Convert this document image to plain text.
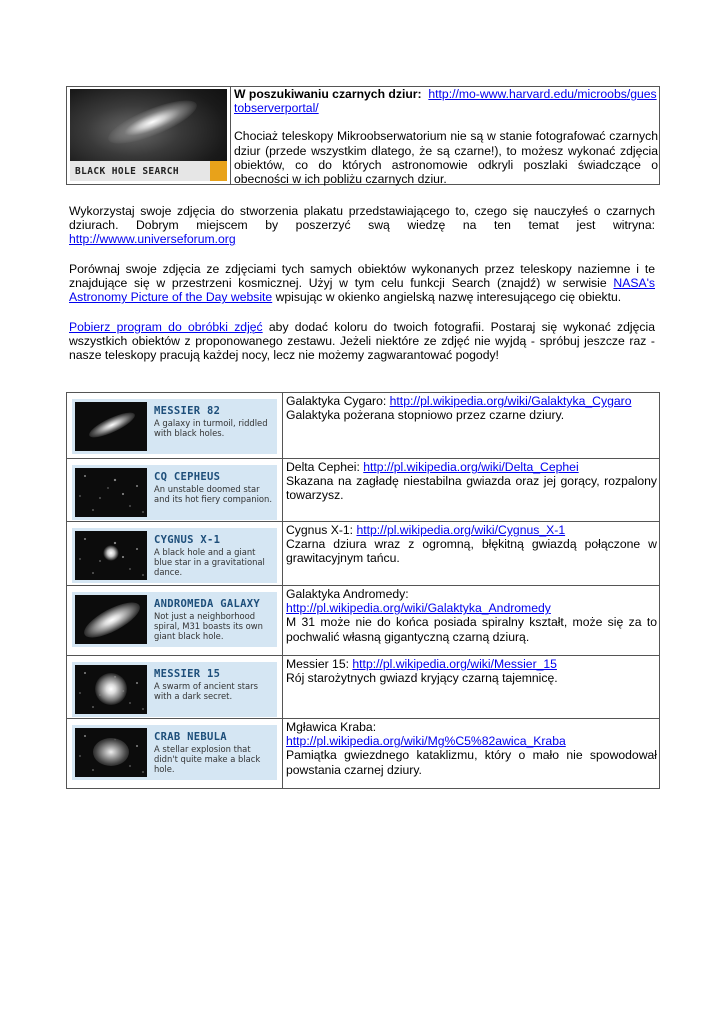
BLACK HOLE SEARCH
W poszukiwaniu czarnych dziur: http://mo-www.harvard.edu/microobs/guestobserverportal/
Chociaż teleskopy Mikroobserwatorium nie są w stanie fotografować czarnych dziur (przede wszystkim dlatego, że są czarne!), to możesz wykonać zdjęcia obiektów, co do których astronomowie odkryli poszlaki świadczące o obecności w ich pobliżu czarnych dziur.
Wykorzystaj swoje zdjęcia do stworzenia plakatu przedstawiającego to, czego się nauczyłeś o czarnych dziurach. Dobrym miejscem by poszerzyć swą wiedzę na ten temat jest witryna: http://wwww.universeforum.org
Porównaj swoje zdjęcia ze zdjęciami tych samych obiektów wykonanych przez teleskopy naziemne i te znajdujące się w przestrzeni kosmicznej. Użyj w tym celu funkcji Search (znajdź) w serwisie NASA's Astronomy Picture of the Day website wpisując w okienko angielską nazwę interesującego cię obiektu.
Pobierz program do obróbki zdjęć aby dodać koloru do twoich fotografii. Postaraj się wykonać zdjęcia wszystkich obiektów z proponowanego zestawu. Jeżeli niektóre ze zdjęć nie wyjdą - spróbuj jeszcze raz - nasze teleskopy pracują każdej nocy, lecz nie możemy zagwarantować pogody!
MESSIER 82
A galaxy in turmoil, riddled with black holes.
Galaktyka Cygaro: http://pl.wikipedia.org/wiki/Galaktyka_Cygaro

Galaktyka pożerana stopniowo przez czarne dziury.
CQ CEPHEUS
An unstable doomed star and its hot fiery companion.
Delta Cephei: http://pl.wikipedia.org/wiki/Delta_Cephei

Skazana na zagładę niestabilna gwiazda oraz jej gorący, rozpalony towarzysz.
CYGNUS X-1
A black hole and a giant blue star in a gravitational dance.
Cygnus X-1: http://pl.wikipedia.org/wiki/Cygnus_X-1

Czarna dziura wraz z ogromną, błękitną gwiazdą połączone w grawitacyjnym tańcu.
ANDROMEDA GALAXY
Not just a neighborhood spiral, M31 boasts its own giant black hole.
Galaktyka Andromedy:
http://pl.wikipedia.org/wiki/Galaktyka_Andromedy

M 31 może nie do końca posiada spiralny kształt, może się za to pochwalić własną gigantyczną czarną dziurą.
MESSIER 15
A swarm of ancient stars with a dark secret.
Messier 15: http://pl.wikipedia.org/wiki/Messier_15

Rój starożytnych gwiazd kryjący czarną tajemnicę.
CRAB NEBULA
A stellar explosion that didn't quite make a black hole.
Mgławica Kraba:
http://pl.wikipedia.org/wiki/Mg%C5%82awica_Kraba

Pamiątka gwiezdnego kataklizmu, który o mało nie spowodował powstania czarnej dziury.
